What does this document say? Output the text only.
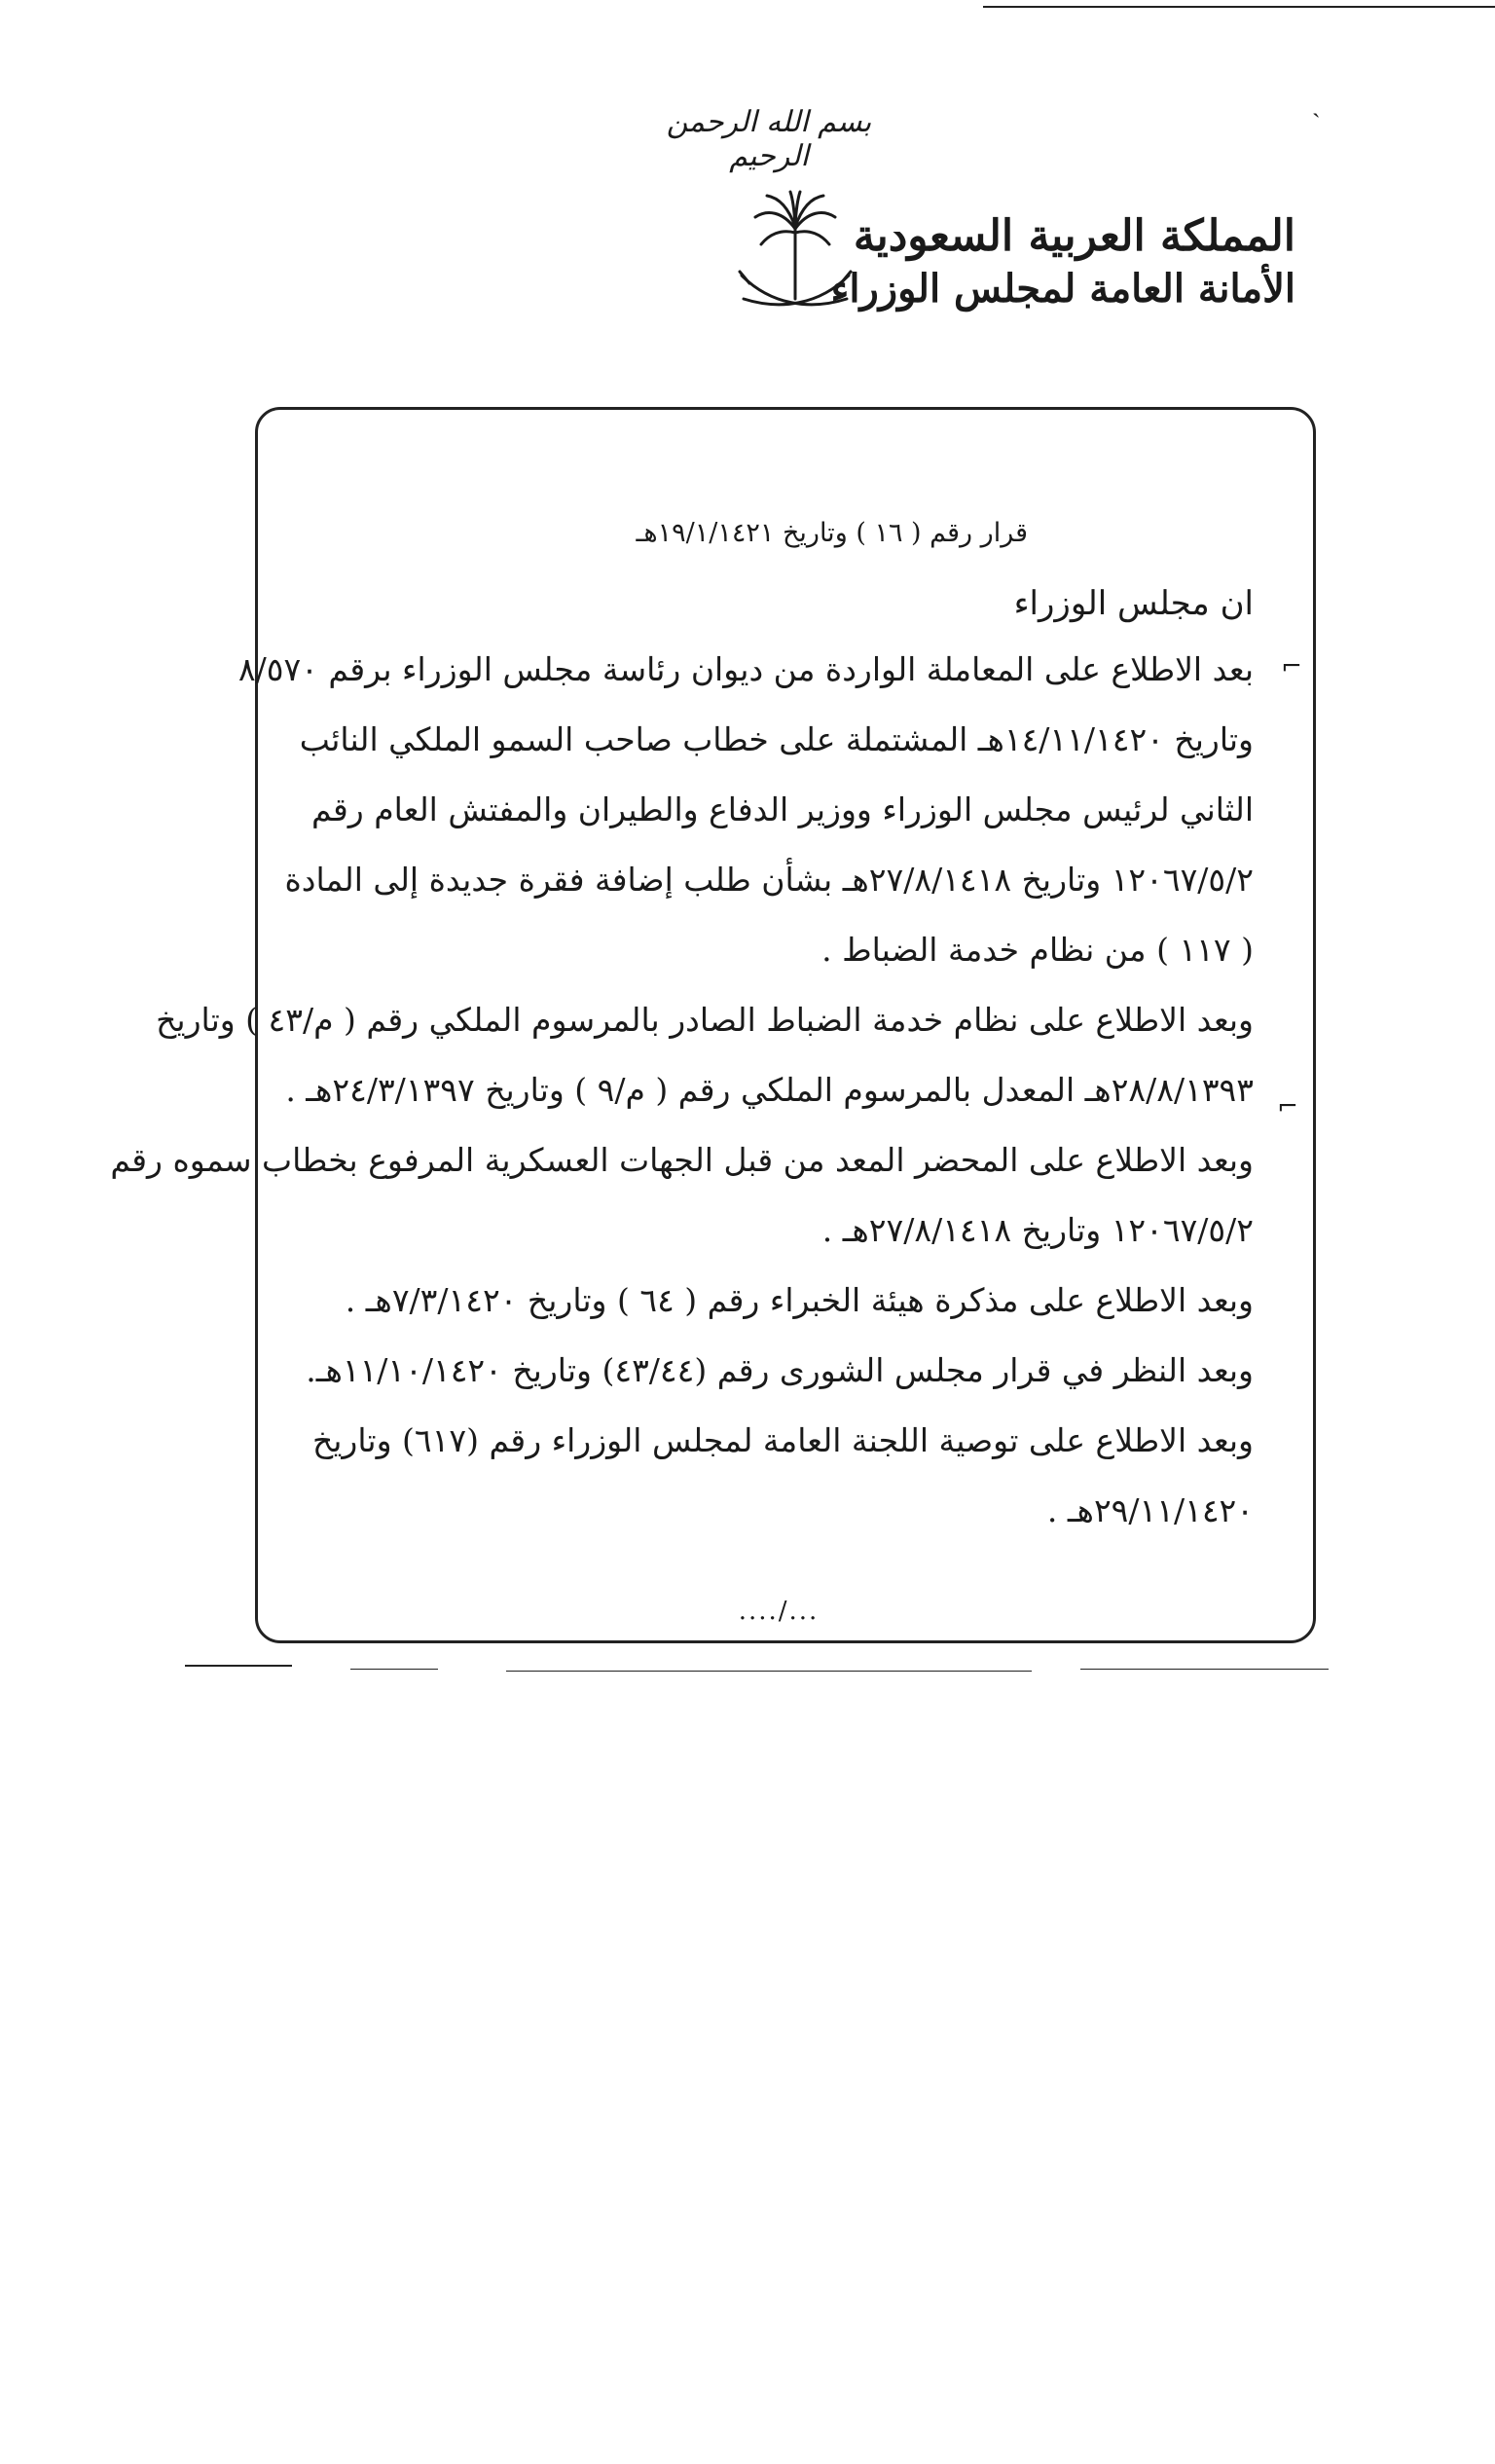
ˏ
بسم الله الرحمن الرحيم
المملكة العربية السعودية
الأمانة العامة لمجلس الوزراء
قرار رقم ( ١٦ ) وتاريخ ١٩/١/١٤٢١هـ
ان مجلس الوزراء
بعد الاطلاع على المعاملة الواردة من ديوان رئاسة مجلس الوزراء برقم ٨/٥٧٠
وتاريخ ١٤/١١/١٤٢٠هـ المشتملة على خطاب صاحب السمو الملكي النائب
الثاني لرئيس مجلس الوزراء ووزير الدفاع والطيران والمفتش العام رقم
١٢٠٦٧/٥/٢ وتاريخ ٢٧/٨/١٤١٨هـ بشأن طلب إضافة فقرة جديدة إلى المادة
( ١١٧ ) من نظام خدمة الضباط .
وبعد الاطلاع على نظام خدمة الضباط الصادر بالمرسوم الملكي رقم ( م/٤٣ ) وتاريخ
٢٨/٨/١٣٩٣هـ المعدل بالمرسوم الملكي رقم ( م/٩ ) وتاريخ ٢٤/٣/١٣٩٧هـ .
وبعد الاطلاع على المحضر المعد من قبل الجهات العسكرية المرفوع بخطاب سموه رقم
١٢٠٦٧/٥/٢ وتاريخ ٢٧/٨/١٤١٨هـ .
وبعد الاطلاع على مذكرة هيئة الخبراء رقم ( ٦٤ ) وتاريخ ٧/٣/١٤٢٠هـ .
وبعد النظر في قرار مجلس الشورى رقم (٤٣/٤٤) وتاريخ ١١/١٠/١٤٢٠هـ.
وبعد الاطلاع على توصية اللجنة العامة لمجلس الوزراء رقم (٦١٧) وتاريخ
٢٩/١١/١٤٢٠هـ .
⌐
⌐
..../...
